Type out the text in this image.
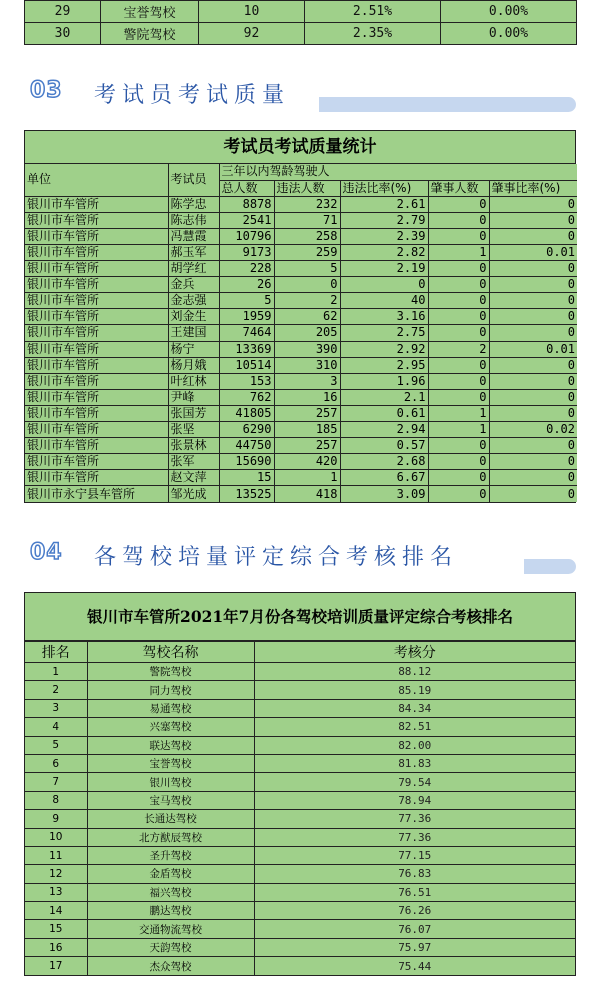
29	宝誉驾校	10	2.51%	0.00%
30	警院驾校	92	2.35%	0.00%
03 考试员考试质量
考试员考试质量统计
单位	考试员	三年以内驾龄驾驶人				
		总人数	违法人数	违法比率(%)	肇事人数	肇事比率(%)
银川市车管所	陈学忠	8878	232	2.61	0	0
银川市车管所	陈志伟	2541	71	2.79	0	0
银川市车管所	冯慧霞	10796	258	2.39	0	0
银川市车管所	郝玉军	9173	259	2.82	1	0.01
银川市车管所	胡学红	228	5	2.19	0	0
银川市车管所	金兵	26	0	0	0	0
银川市车管所	金志强	5	2	40	0	0
银川市车管所	刘金生	1959	62	3.16	0	0
银川市车管所	王建国	7464	205	2.75	0	0
银川市车管所	杨宁	13369	390	2.92	2	0.01
银川市车管所	杨月娥	10514	310	2.95	0	0
银川市车管所	叶红林	153	3	1.96	0	0
银川市车管所	尹峰	762	16	2.1	0	0
银川市车管所	张国芳	41805	257	0.61	1	0
银川市车管所	张坚	6290	185	2.94	1	0.02
银川市车管所	张景林	44750	257	0.57	0	0
银川市车管所	张军	15690	420	2.68	0	0
银川市车管所	赵文萍	15	1	6.67	0	0
银川市永宁县车管所	邹光成	13525	418	3.09	0	0
04 各驾校培量评定综合考核排名
银川市车管所2021年7月份各驾校培训质量评定综合考核排名
排名	驾校名称	考核分
1	警院驾校	88.12
2	同力驾校	85.19
3	易通驾校	84.34
4	兴塞驾校	82.51
5	联达驾校	82.00
6	宝誉驾校	81.83
7	银川驾校	79.54
8	宝马驾校	78.94
9	长通达驾校	77.36
10	北方猷辰驾校	77.36
11	圣升驾校	77.15
12	金盾驾校	76.83
13	福兴驾校	76.51
14	鹏达驾校	76.26
15	交通物流驾校	76.07
16	天韵驾校	75.97
17	杰众驾校	75.44
